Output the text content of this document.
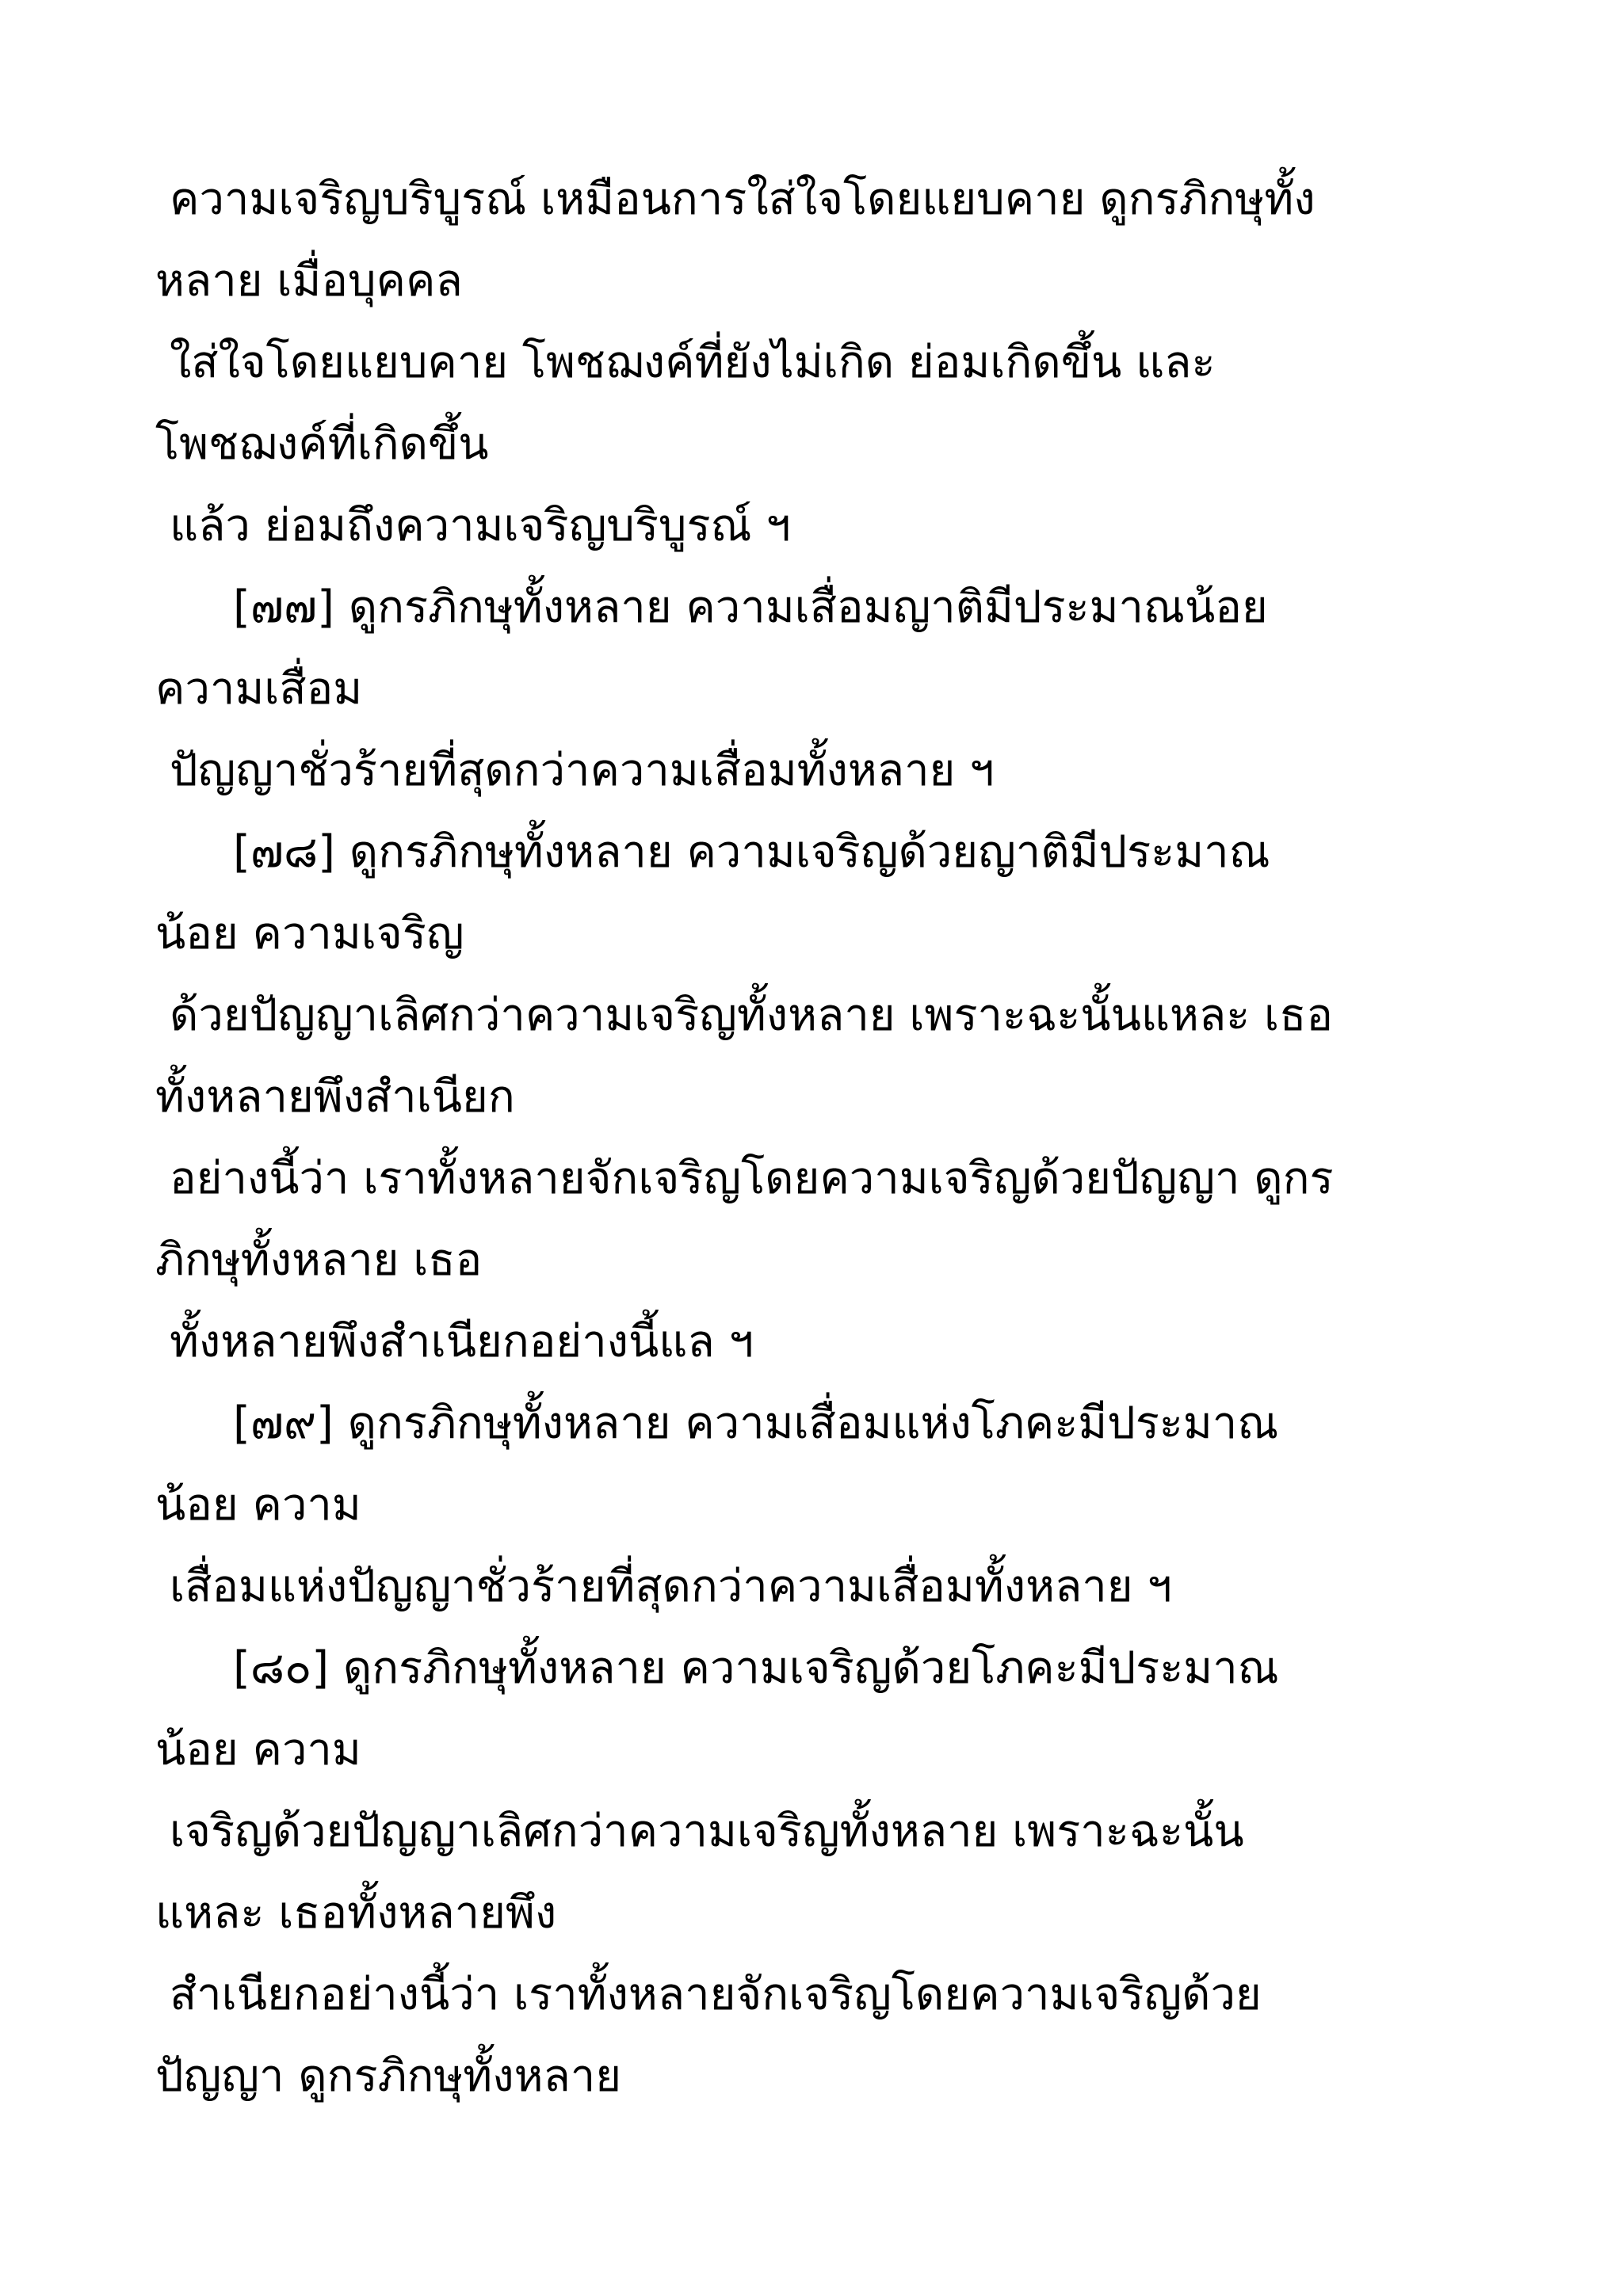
ความเจริญบริบูรณ์ เหมือนการใส่ใจโดยแยบคาย ดูกรภิกษุทั้ง
หลาย เมื่อบุคคล
ใส่ใจโดยแยบคาย โพชฌงค์ที่ยังไม่เกิด ย่อมเกิดขึ้น และ
โพชฌงค์ที่เกิดขึ้น
แล้ว ย่อมถึงความเจริญบริบูรณ์ ฯ
[๗๗] ดูกรภิกษุทั้งหลาย ความเสื่อมญาติมีประมาณน้อย
ความเสื่อม
ปัญญาชั่วร้ายที่สุดกว่าความเสื่อมทั้งหลาย ฯ
[๗๘] ดูกรภิกษุทั้งหลาย ความเจริญด้วยญาติมีประมาณ
น้อย ความเจริญ
ด้วยปัญญาเลิศกว่าความเจริญทั้งหลาย เพราะฉะนั้นแหละ เธอ
ทั้งหลายพึงสำเนียก
อย่างนี้ว่า เราทั้งหลายจักเจริญโดยความเจริญด้วยปัญญา ดูกร
ภิกษุทั้งหลาย เธอ
ทั้งหลายพึงสำเนียกอย่างนี้แล ฯ
[๗๙] ดูกรภิกษุทั้งหลาย ความเสื่อมแห่งโภคะมีประมาณ
น้อย ความ
เสื่อมแห่งปัญญาชั่วร้ายที่สุดกว่าความเสื่อมทั้งหลาย ฯ
[๘๐] ดูกรภิกษุทั้งหลาย ความเจริญด้วยโภคะมีประมาณ
น้อย ความ
เจริญด้วยปัญญาเลิศกว่าความเจริญทั้งหลาย เพราะฉะนั้น
แหละ เธอทั้งหลายพึง
สำเนียกอย่างนี้ว่า เราทั้งหลายจักเจริญโดยความเจริญด้วย
ปัญญา ดูกรภิกษุทั้งหลาย
